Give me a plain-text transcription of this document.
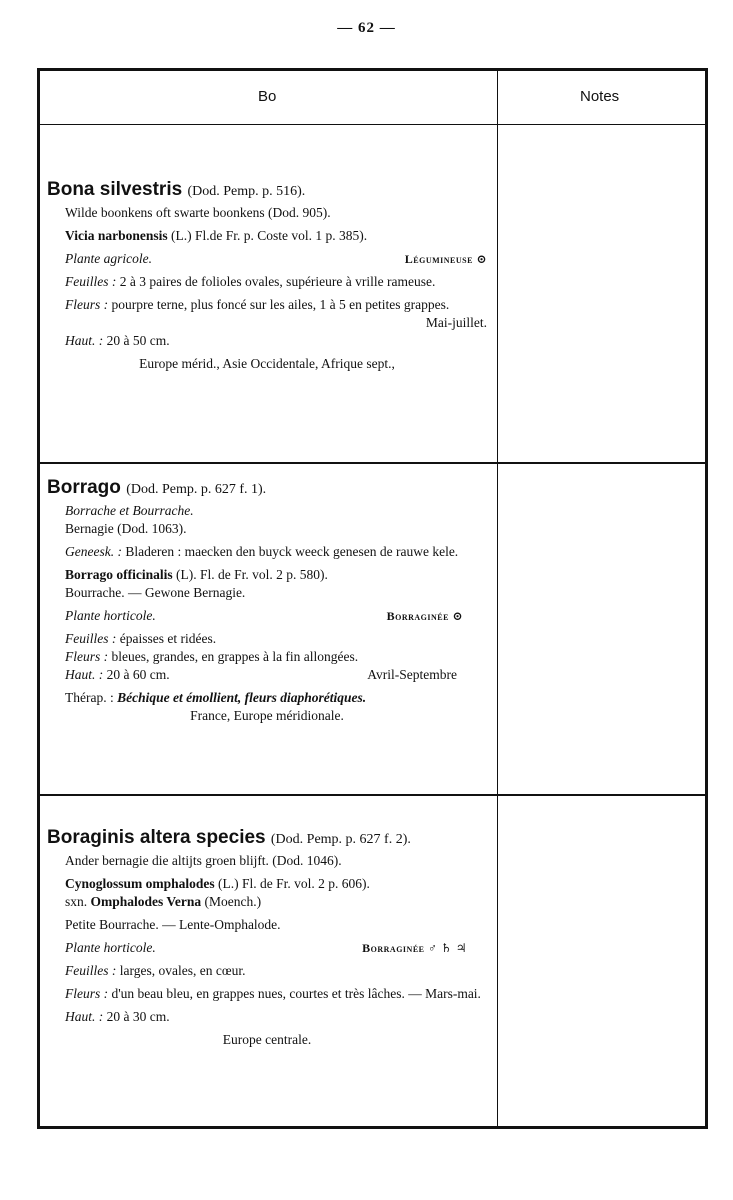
— 62 —
Bo	Notes

Bona silvestris (Dod. Pemp. p. 516).

Wilde boonkens oft swarte boonkens (Dod. 905).

Vicia narbonensis (L.) Fl.de Fr. p. Coste vol. 1 p. 385).

Plante agricole.	Légumineuse ⊙

Feuilles : 2 à 3 paires de folioles ovales, supérieure à vrille rameuse.

Fleurs : pourpre terne, plus foncé sur les ailes, 1 à 5 en petites grappes.

Mai-juillet.

Haut. : 20 à 50 cm.

Europe mérid., Asie Occidentale, Afrique sept.,

Borrago (Dod. Pemp. p. 627 f. 1).

Borrache et Bourrache.

Bernagie (Dod. 1063).

Geneesk. : Bladeren : maecken den buyck weeck genesen de rauwe kele.

Borrago officinalis (L). Fl. de Fr. vol. 2 p. 580).

Bourrache. — Gewone Bernagie.

Plante horticole.	Borraginée ⊙

Feuilles : épaisses et ridées.

Fleurs : bleues, grandes, en grappes à la fin allongées.

Haut. : 20 à 60 cm.	Avril-Septembre

Thérap. : Béchique et émollient, fleurs diaphorétiques.

France, Europe méridionale.

Boraginis altera species (Dod. Pemp. p. 627 f. 2).

Ander bernagie die altijts groen blijft. (Dod. 1046).

Cynoglossum omphalodes (L.) Fl. de Fr. vol. 2 p. 606).

sxn. Omphalodes Verna (Moench.)

Petite Bourrache. — Lente-Omphalode.

Plante horticole.	Borraginée ♂ ♄ ♃

Feuilles : larges, ovales, en cœur.

Fleurs : d'un beau bleu, en grappes nues, courtes et très lâches. — Mars-mai.

Haut. : 20 à 30 cm.

Europe centrale.
